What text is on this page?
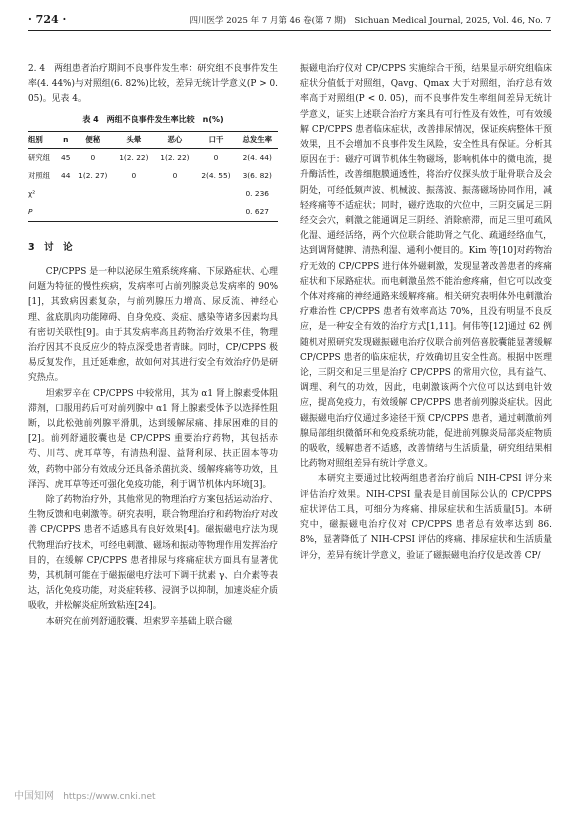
· 724 ·	四川医学 2025 年 7 月第 46 卷(第 7 期)　Sichuan Medical Journal, 2025, Vol. 46, No. 7

2. 4　两组患者治疗期间不良事件发生率：研究组不良事件发生率(4. 44%)与对照组(6. 82%)比较，差异无统计学意义(P > 0. 05)。见表 4。

表 4　两组不良事件发生率比较　n(%)
组别	n	便秘	头晕	恶心	口干	总发生率
研究组	45	0	1(2. 22)	1(2. 22)	0	2(4. 44)
对照组	44	1(2. 27)	0	0	2(4. 55)	3(6. 82)
χ²						0. 236
P						0. 627
3　讨　论

CP/CPPS 是一种以泌尿生殖系统疼痛、下尿路症状、心理问题为特征的慢性疾病，发病率可占前列腺炎总发病率的 90% [1]，其致病因素复杂，与前列腺压力增高、尿反流、神经心理、盆底肌肉功能障碍、自身免疫、炎症、感染等诸多因素均具有密切关联性[9]。由于其发病率高且药物治疗效果不佳，物理治疗因其不良反应少的特点深受患者青睐。同时，CP/CPPS 极易反复发作，且迁延难愈，故如何对其进行安全有效治疗仍是研究热点。

坦索罗辛在 CP/CPPS 中较常用，其为 α1 肾上腺素受体阻滞剂，口服用药后可对前列腺中 α1 肾上腺素受体予以选择性阻断，以此松弛前列腺平滑肌，达到缓解尿痛、排尿困难的目的 [2]。前列舒通胶囊也是 CP/CPPS 重要治疗药物，其包括赤芍、川芎、虎耳草等，有清热利湿、益肾利尿、扶正固本等功效，药物中部分有效成分还具备杀菌抗炎、缓解疼痛等功效，且泽泻、虎耳草等还可强化免疫功能，利于调节机体内环境[3]。

除了药物治疗外，其他常见的物理治疗方案包括运动治疗、生物反馈和电刺激等。研究表明，联合物理治疗和药物治疗对改善 CP/CPPS 患者不适感具有良好效果[4]。磁振磁电疗法为现代物理治疗技术，可经电刺激、磁场和振动等物理作用发挥治疗目的，在缓解 CP/CPPS 患者排尿与疼痛症状方面具有显著优势，其机制可能在于磁振磁电疗法可下调干扰素 γ、白介素等表达，活化免疫功能，对炎症转移、浸润予以抑制，加速炎症介质吸收，并松解炎症所致粘连[24]。

本研究在前列舒通胶囊、坦索罗辛基础上联合磁

振磁电治疗仪对 CP/CPPS 实施综合干预，结果显示研究组临床症状分值低于对照组，Qavg、Qmax 大于对照组，治疗总有效率高于对照组(P < 0. 05)，而不良事件发生率组间差异无统计学意义，证实上述联合治疗方案具有可行性及有效性，可有效缓解 CP/CPPS 患者临床症状，改善排尿情况，保证疾病整体干预效果，且不会增加不良事件发生风险，安全性具有保证。分析其原因在于：磁疗可调节机体生物磁场，影响机体中的微电流，提升酶活性，改善细胞膜通透性，将治疗仪探头放于耻骨联合及会阴处，可经低频声波、机械波、振荡波、振荡磁场协同作用，减轻疼痛等不适症状；同时，磁疗选取的穴位中，三阴交属足三阴经交会穴，刺激之能通调足三阴经、消除瘀滞，而足三里可疏风化湿、通经活络，两个穴位联合能助肾之气化、疏通经络血气，达到调肾健脾、清热利湿、通利小便目的。Kim 等[10]对药物治疗无效的 CP/CPPS 进行体外磁刺激，发现显著改善患者的疼痛症状和下尿路症状。而电刺激虽然不能治愈疼痛，但它可以改变个体对疼痛的神经通路来缓解疼痛。相关研究表明体外电刺激治疗难治性 CP/CPPS 患者有效率高达 70%，且没有明显不良反应，是一种安全有效的治疗方式[1,11]。何伟等[12]通过 62 例随机对照研究发现磁振磁电治疗仪联合前列倍喜胶囊能显著缓解 CP/CPPS 患者的临床症状，疗效确切且安全性高。根据中医理论，三阴交和足三里是治疗 CP/CPPS 的常用穴位，具有益气、调理、利气的功效，因此，电刺激该两个穴位可以达到电针效应，提高免疫力，有效缓解 CP/CPPS 患者前列腺炎症状。因此磁振磁电治疗仪通过多途径干预 CP/CPPS 患者，通过刺激前列腺局部组织微循环和免疫系统功能，促进前列腺炎局部炎症物质的吸收，缓解患者不适感，改善情绪与生活质量，研究组结果相比药物对照组差异有统计学意义。

本研究主要通过比较两组患者治疗前后 NIH-CPSI 评分来评估治疗效果。NIH-CPSI 量表是目前国际公认的 CP/CPPS 症状评估工具，可细分为疼痛、排尿症状和生活质量[5]。本研究中，磁振磁电治疗仪对 CP/CPPS 患者总有效率达到 86. 8%，显著降低了 NIH-CPSI 评估的疼痛、排尿症状和生活质量评分，差异有统计学意义，验证了磁振磁电治疗仪是改善 CP/

中国知网 https://www.cnki.net
